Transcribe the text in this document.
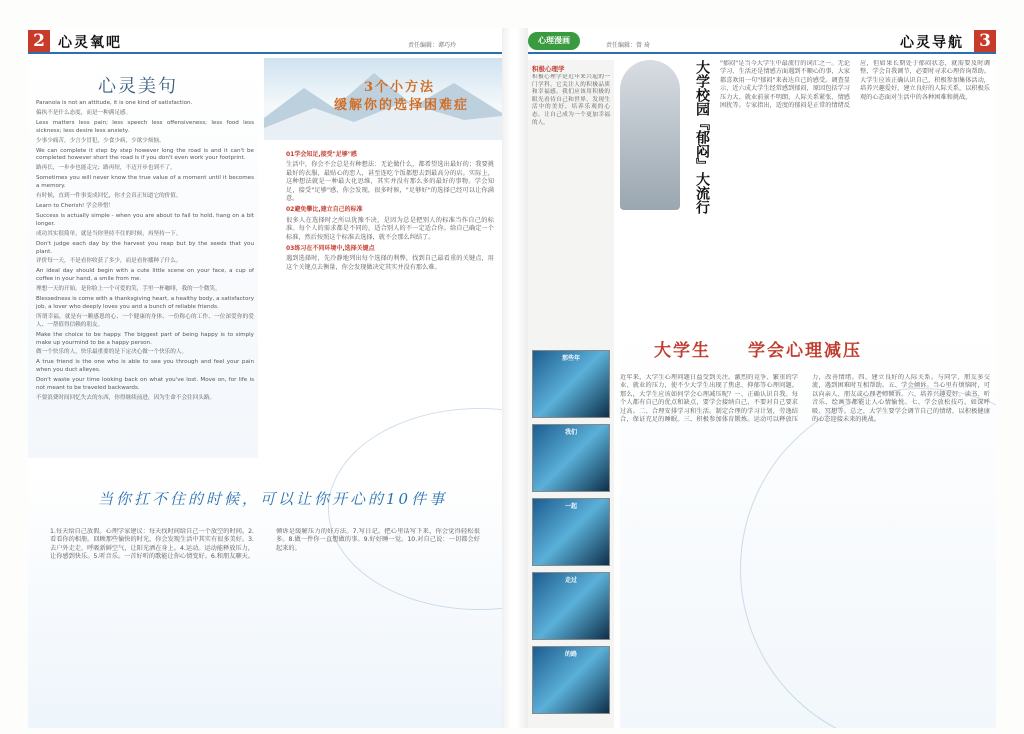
2 心灵氧吧	责任编辑：谭巧玲
心灵美句

Paranoia is not an attitude, it is one kind of satisfaction.

偏执不是什么态度，而是一种满足感。

Less matters less pain; less speech less offensiveness; less food less sickness; less desire less anxiety.

少事少痛苦，少言少冒犯，少食少病，少欲少烦恼。

We can complete it step by step however long the road is and it can't be completed however short the road is if you don't even work your footprint.

路再长，一步步也能走完；路再短，不迈开步也到不了。

Sometimes you will never know the true value of a moment until it becomes a memory.

有时候，直到一件事变成回忆，你才会真正知道它的价值。

Learn to Cherish! 学会珍惜！

Success is actually simple - when you are about to fail to hold, hang on a bit longer.

成功其实很简单，就是当你坚持不住的时候，再坚持一下。

Don't judge each day by the harvest you reap but by the seeds that you plant.

评价每一天，不是看你收获了多少，而是看你播种了什么。

An ideal day should begin with a cute little scene on your face, a cup of coffee in your hand, a smile from me.

理想一天的开始，是你脸上一个可爱的笑，手里一杯咖啡，我的一个微笑。

Blessedness is come with a thanksgiving heart, a healthy body, a satisfactory job, a lover who deeply loves you and a bunch of reliable friends.

所谓幸福，就是有一颗感恩的心、一个健康的身体、一份称心的工作、一位深爱你的爱人、一帮值得信赖的朋友。

Make the choice to be happy. The biggest part of being happy is to simply make up yourmind to be a happy person.

做一个快乐的人，快乐最重要的是下定决心做一个快乐的人。

A true friend is the one who is able to see you through and feel your pain when you duct alleyes.

Don't waste your time looking back on what you've lost. Move on, for life is not meant to be traveled backwards.

不要浪费时间回忆失去的东西，你得继续前进，因为生命不会往回头路。

3个小方法
缓解你的选择困难症
01学会知足,接受"足够"感

生活中，你会不会总是有种想法：无论做什么，都希望选出最好的；我要挑最好的衣服，最贴心的恋人，甚至连吃个饭都想去到最高分的店。实际上，这种想法就是一种最大化思维，其实并没有那么多的最好的事物。学会知足，接受"足够"感，你会发现，很多时候，"足够好"的选择已经可以让你满意。

02避免攀比,建立自己的标准

很多人在选择时之所以犹豫不决，是因为总是把别人的标准当作自己的标准。每个人的需求都是不同的，适合别人的不一定适合你。给自己确定一个标准，然后按照这个标准去选择，就不会那么纠结了。

03练习在不同环境中,选择关键点

遇到选择时，先冷静地列出每个选择的利弊，找到自己最看重的关键点，用这个关键点去衡量，你会发现做决定其实并没有那么难。

当你扛不住的时候，可以让你开心的10件事
1.每天给自己放假。心理学家建议：每天找时间给自己一个放空的时间。2.看看你的相册。回顾那些愉快的时光，你会发现生活中其实有很多美好。3.去户外走走，呼吸新鲜空气，让阳光洒在身上。4.运动。运动能释放压力，让你感到快乐。5.听音乐。一首好听的歌能让你心情变好。6.和朋友聊天。倾诉是缓解压力的好方法。7.写日记。把心里话写下来，你会觉得轻松很多。8.做一件你一直想做的事。9.好好睡一觉。10.对自己说：一切都会好起来的。
心理漫画
责任编辑：曾 琦	心灵导航 3
积极心理学
积极心理学是近年来兴起的一门学科，它关注人的积极品质和幸福感。我们应该用积极的眼光看待自己和世界，发现生活中的美好，培养乐观的心态，让自己成为一个更加幸福的人。
那些年
我们
一起
走过
的路
大学校园『郁闷』大流行 "郁闷"是当今大学生中最流行的词汇之一。无论学习、生活还是情感方面遇到不顺心的事，大家都喜欢用一句"郁闷"来表达自己的感受。调查显示，近六成大学生经常感到郁闷，原因包括学习压力大、就业前景不明朗、人际关系紧张、情感困扰等。专家指出，适度的郁闷是正常的情绪反应，但如果长期处于郁闷状态，就需要及时调整，学会自我调节，必要时寻求心理咨询帮助。大学生应该正确认识自己，积极参加集体活动，培养兴趣爱好，建立良好的人际关系，以积极乐观的心态面对生活中的各种困难和挑战。
大学生 学会心理减压
近年来，大学生心理问题日益受到关注。激烈的竞争、繁重的学业、就业的压力，使不少大学生出现了焦虑、抑郁等心理问题。那么，大学生应该如何学会心理减压呢？一、正确认识自我。每个人都有自己的优点和缺点，要学会接纳自己，不要对自己要求过高。二、合理安排学习和生活。制定合理的学习计划，劳逸结合，保证充足的睡眠。三、积极参加体育锻炼。运动可以释放压力，改善情绪。四、建立良好的人际关系。与同学、朋友多交流，遇到困难时互相帮助。五、学会倾诉。当心里有烦恼时，可以向亲人、朋友或心理老师倾诉。六、培养兴趣爱好。读书、听音乐、绘画等都能让人心情愉悦。七、学会放松技巧，如深呼吸、冥想等。总之，大学生要学会调节自己的情绪，以积极健康的心态迎接未来的挑战。
